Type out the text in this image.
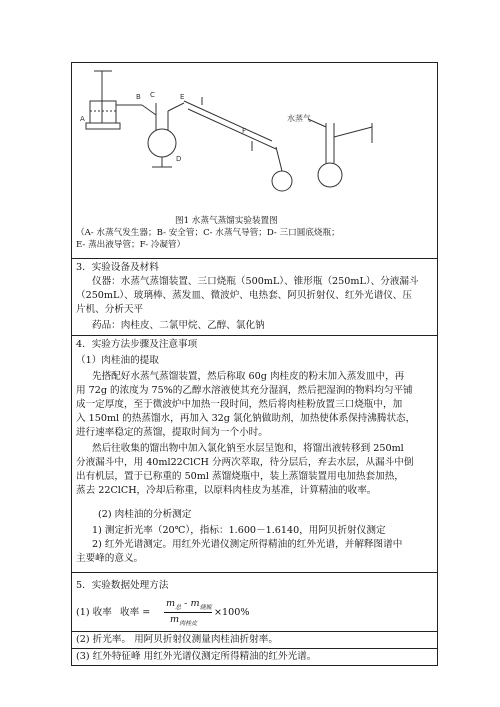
A
B C
D
E
F
水蒸气
图1 水蒸气蒸馏实验装置图
（A- 水蒸气发生器；B- 安全管；C- 水蒸气导管；D- 三口圆底烧瓶；
E- 蒸出液导管；F- 冷凝管）
3．实验设备及材料
仪器：水蒸气蒸馏装置、三口烧瓶（500mL）、锥形瓶（250mL）、分液漏斗
（250mL）、玻璃棒、蒸发皿、微波炉、电热套、阿贝折射仪、红外光谱仪、压
片机、分析天平
药品：肉桂皮、二氯甲烷、乙醇、氯化钠
4．实验方法步骤及注意事项
（1）肉桂油的提取
先搭配好水蒸气蒸馏装置，然后称取 60g 肉桂皮的粉末加入蒸发皿中，再
用 72g 的浓度为 75%的乙醇水溶液使其充分湿润，然后把湿润的物料均匀平铺
成一定厚度，至于微波炉中加热一段时间，然后将肉桂粉放置三口烧瓶中，加
入 150ml 的热蒸馏水，再加入 32g 氯化钠做助剂，加热使体系保持沸腾状态，
进行速率稳定的蒸馏，提取时间为一个小时。
然后往收集的馏出物中加入氯化钠至水层呈饱和，将馏出液转移到 250ml
分液漏斗中，用 40ml22ClCH 分两次萃取，待分层后，弃去水层，从漏斗中倒
出有机层，置于已称重的 50ml 蒸馏烧瓶中，装上蒸馏装置用电加热套加热，
蒸去 22ClCH，冷却后称重，以原料肉桂皮为基准，计算精油的收率。
(2) 肉桂油的分析测定
1) 测定折光率（20℃），指标：1.600－1.6140，用阿贝折射仪测定
2) 红外光谱测定。用红外光谱仪测定所得精油的红外光谱，并解释图谱中
主要峰的意义。
5．实验数据处理方法
(1) 收率 收率 =
$m_总 - m_{烧瓶}$
$m_{肉桂皮}$
×100%
(2) 折光率。 用阿贝折射仪测量肉桂油折射率。
(3) 红外特征峰 用红外光谱仪测定所得精油的红外光谱。
